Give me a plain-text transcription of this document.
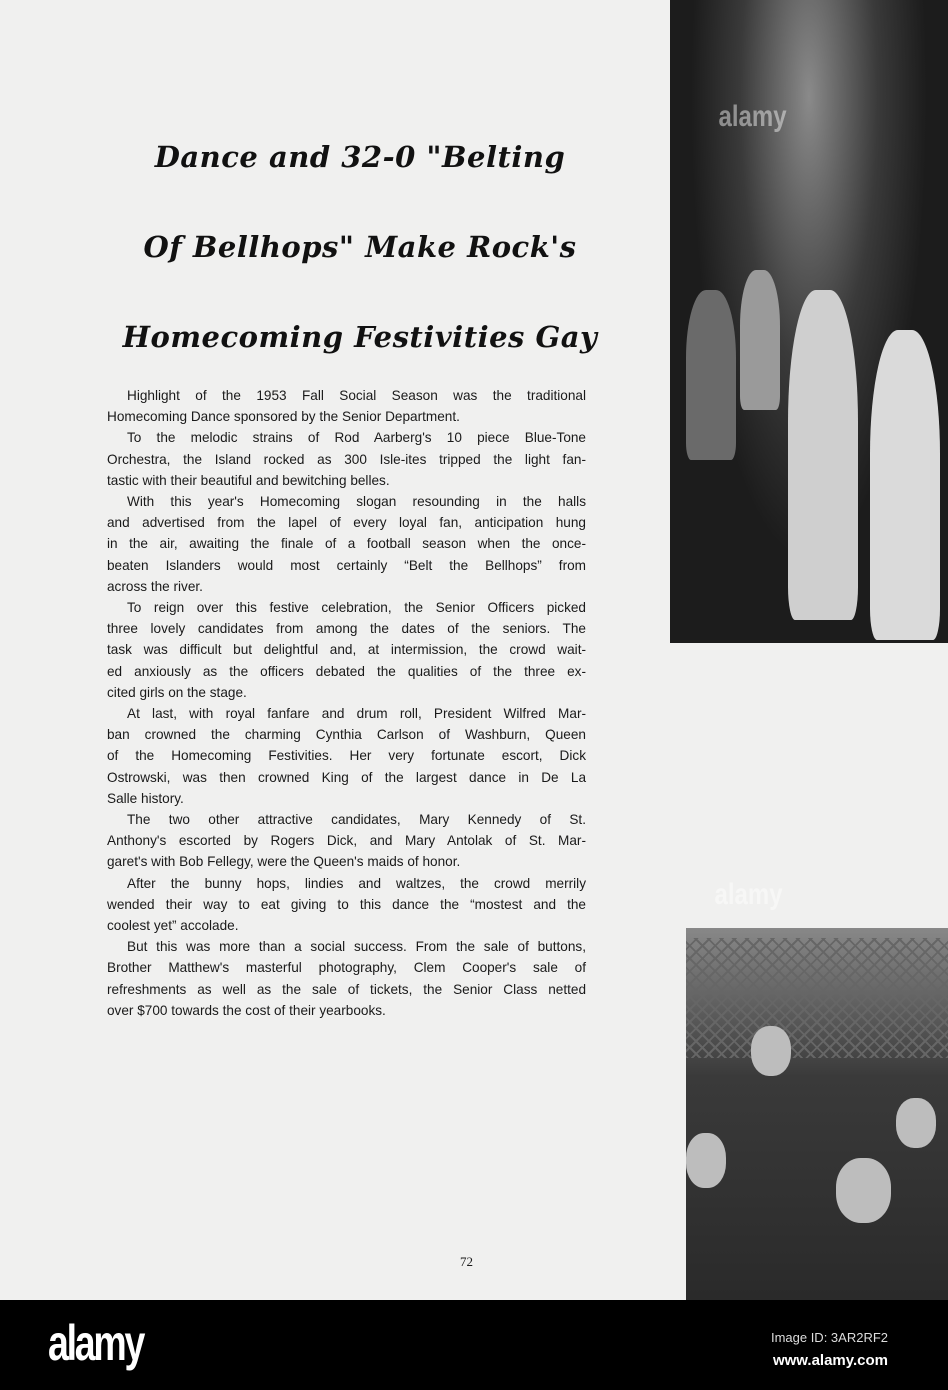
Dance and 32-0 "Belting
Of Bellhops" Make Rock's
Homecoming Festivities Gay
Highlight of the 1953 Fall Social Season was the traditional
Homecoming Dance sponsored by the Senior Department.
To the melodic strains of Rod Aarberg's 10 piece Blue-Tone
Orchestra, the Island rocked as 300 Isle-ites tripped the light fan-
tastic with their beautiful and bewitching belles.
With this year's Homecoming slogan resounding in the halls
and advertised from the lapel of every loyal fan, anticipation hung
in the air, awaiting the finale of a football season when the once-
beaten Islanders would most certainly “Belt the Bellhops” from
across the river.
To reign over this festive celebration, the Senior Officers picked
three lovely candidates from among the dates of the seniors. The
task was difficult but delightful and, at intermission, the crowd wait-
ed anxiously as the officers debated the qualities of the three ex-
cited girls on the stage.
At last, with royal fanfare and drum roll, President Wilfred Mar-
ban crowned the charming Cynthia Carlson of Washburn, Queen
of the Homecoming Festivities. Her very fortunate escort, Dick
Ostrowski, was then crowned King of the largest dance in De La
Salle history.
The two other attractive candidates, Mary Kennedy of St.
Anthony's escorted by Rogers Dick, and Mary Antolak of St. Mar-
garet's with Bob Fellegy, were the Queen's maids of honor.
After the bunny hops, lindies and waltzes, the crowd merrily
wended their way to eat giving to this dance the “mostest and the
coolest yet” accolade.
But this was more than a social success. From the sale of buttons,
Brother Matthew's masterful photography, Clem Cooper's sale of
refreshments as well as the sale of tickets, the Senior Class netted
over $700 towards the cost of their yearbooks.
alamy
alamy
72
alamy	Image ID: 3AR2RF2
www.alamy.com
